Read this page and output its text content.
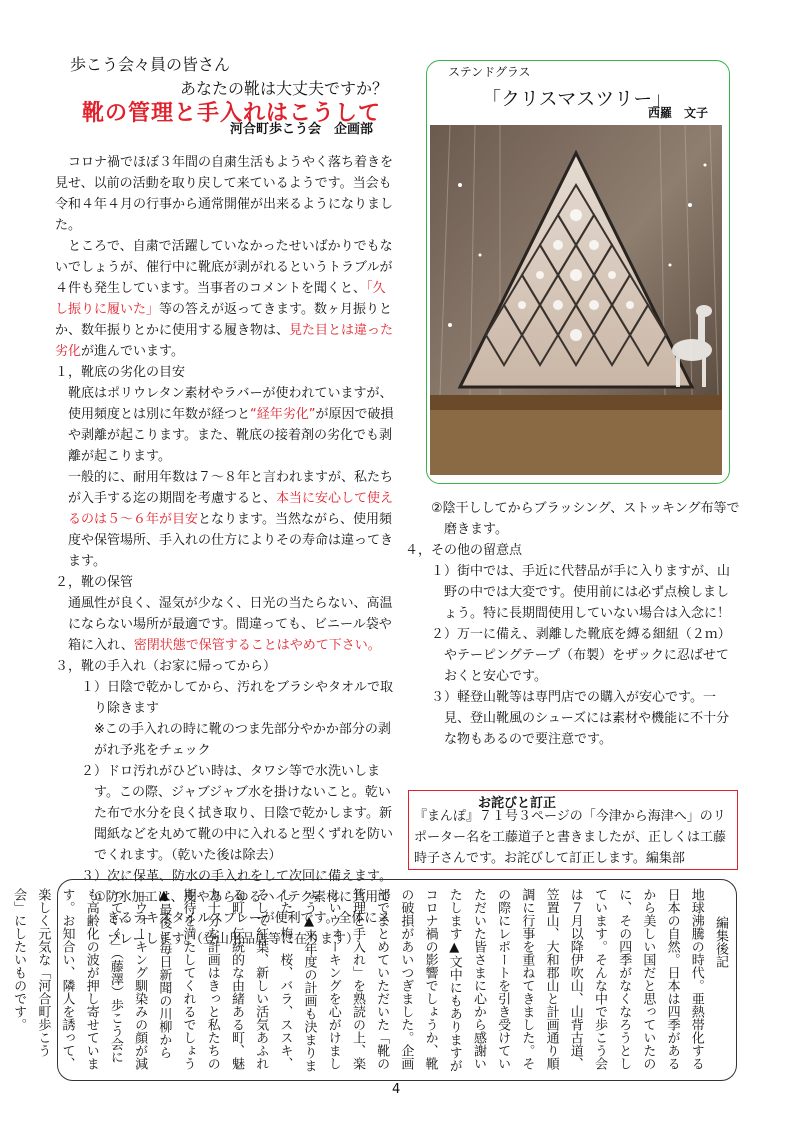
歩こう会々員の皆さん
あなたの靴は大丈夫ですか？
靴の管理と手入れはこうして
河合町歩こう会　企画部

　コロナ禍でほぼ３年間の自粛生活もようやく落ち着きを見せ、以前の活動を取り戻して来ているようです。当会も令和４年４月の行事から通常開催が出来るようになりました。

　ところで、自粛で活躍していなかったせいばかりでもないでしょうが、催行中に靴底が剥がれるというトラブルが４件も発生しています。当事者のコメントを聞くと、「久し振りに履いた」等の答えが返ってきます。数ヶ月振りとか、数年振りとかに使用する履き物は、見た目とは違った劣化が進んでいます。

１，靴底の劣化の目安

靴底はポリウレタン素材やラバーが使われていますが、使用頻度とは別に年数が経つと“経年劣化”が原因で破損や剥離が起こります。また、靴底の接着剤の劣化でも剥離が起こります。

一般的に、耐用年数は７～８年と言われますが、私たちが入手する迄の期間を考慮すると、本当に安心して使えるのは５～６年が目安となります。当然ながら、使用頻度や保管場所、手入れの仕方によりその寿命は違ってきます。

２，靴の保管

通風性が良く、湿気が少なく、日光の当たらない、高温にならない場所が最適です。間違っても、ビニール袋や箱に入れ、密閉状態で保管することはやめて下さい。

３，靴の手入れ（お家に帰ってから）

１）日陰で乾かしてから、汚れをブラシやタオルで取り除きます

※この手入れの時に靴のつま先部分やかか部分の剥がれ予兆をチェック

２）ドロ汚れがひどい時は、タワシ等で水洗いします。この際、ジャブジャブ水を掛けないこと。乾いた布で水分を良く拭き取り、日陰で乾かします。新聞紙などを丸めて靴の中に入れると型くずれを防いでくれます。（乾いた後は除去）

３）次に保革、防水の手入れをして次回に備えます。

①防水加工は、皮やあらゆるハイテク素材に共用できるテキスタイルスプレーが便利です。全体にスプレーします。（登山用品店等に在ります）

②陰干ししてからブラッシング、ストッキング布等で磨きます。

４，その他の留意点

１）街中では、手近に代替品が手に入りますが、山野の中では大変です。使用前には必ず点検しましょう。特に長期間使用していない場合は入念に！

２）万一に備え、剥離した靴底を縛る細紐（２ｍ）やテーピングテープ（布製）をザックに忍ばせておくと安心です。

３）軽登山靴等は専門店での購入が安心です。一見、登山靴風のシューズには素材や機能に不十分な物もあるので要注意です。

ステンドグラス
「クリスマスツリー」
西羅　文子
お詫びと訂正
『まんぽ』７１号３ページの「今津から海津へ」のリポーター名を工藤道子と書きましたが、正しくは工藤時子さんです。お詫びして訂正します。編集部
編集後記
地球沸騰の時代。亜熱帯化する日本の自然。日本は四季があるから美しい国だと思っていたのに、その四季がなくなろうとしています。そんな中で歩こう会は７月以降伊吹山、山背古道、笠置山、大和郡山と計画通り順調に行事を重ねてきました。その際にレポートを引き受けていただいた皆さまに心から感謝いたします▲文中にもありますがコロナ禍の影響でしょうか、靴の破損があいつぎました。企画部でまとめていただいた「靴の管理と手入れ」を熟読の上、楽しいウォーキングを心がけましょう▲来年度の計画も決まりました。梅、桜、バラ、ススキ、そして紅葉、新しい活気あふれる町、伝統的な由緒ある町、魅力十分な計画はきっと私たちの期待を満たしてくれるでしょう▲最後に毎日新聞の川柳から「ウォーキング馴染みの顔が減っていく」（藤澤）歩こう会にも高齢化の波が押し寄せています。お知合い、隣人を誘って、楽しく元気な「河合町歩こう会」にしたいものです。
4
